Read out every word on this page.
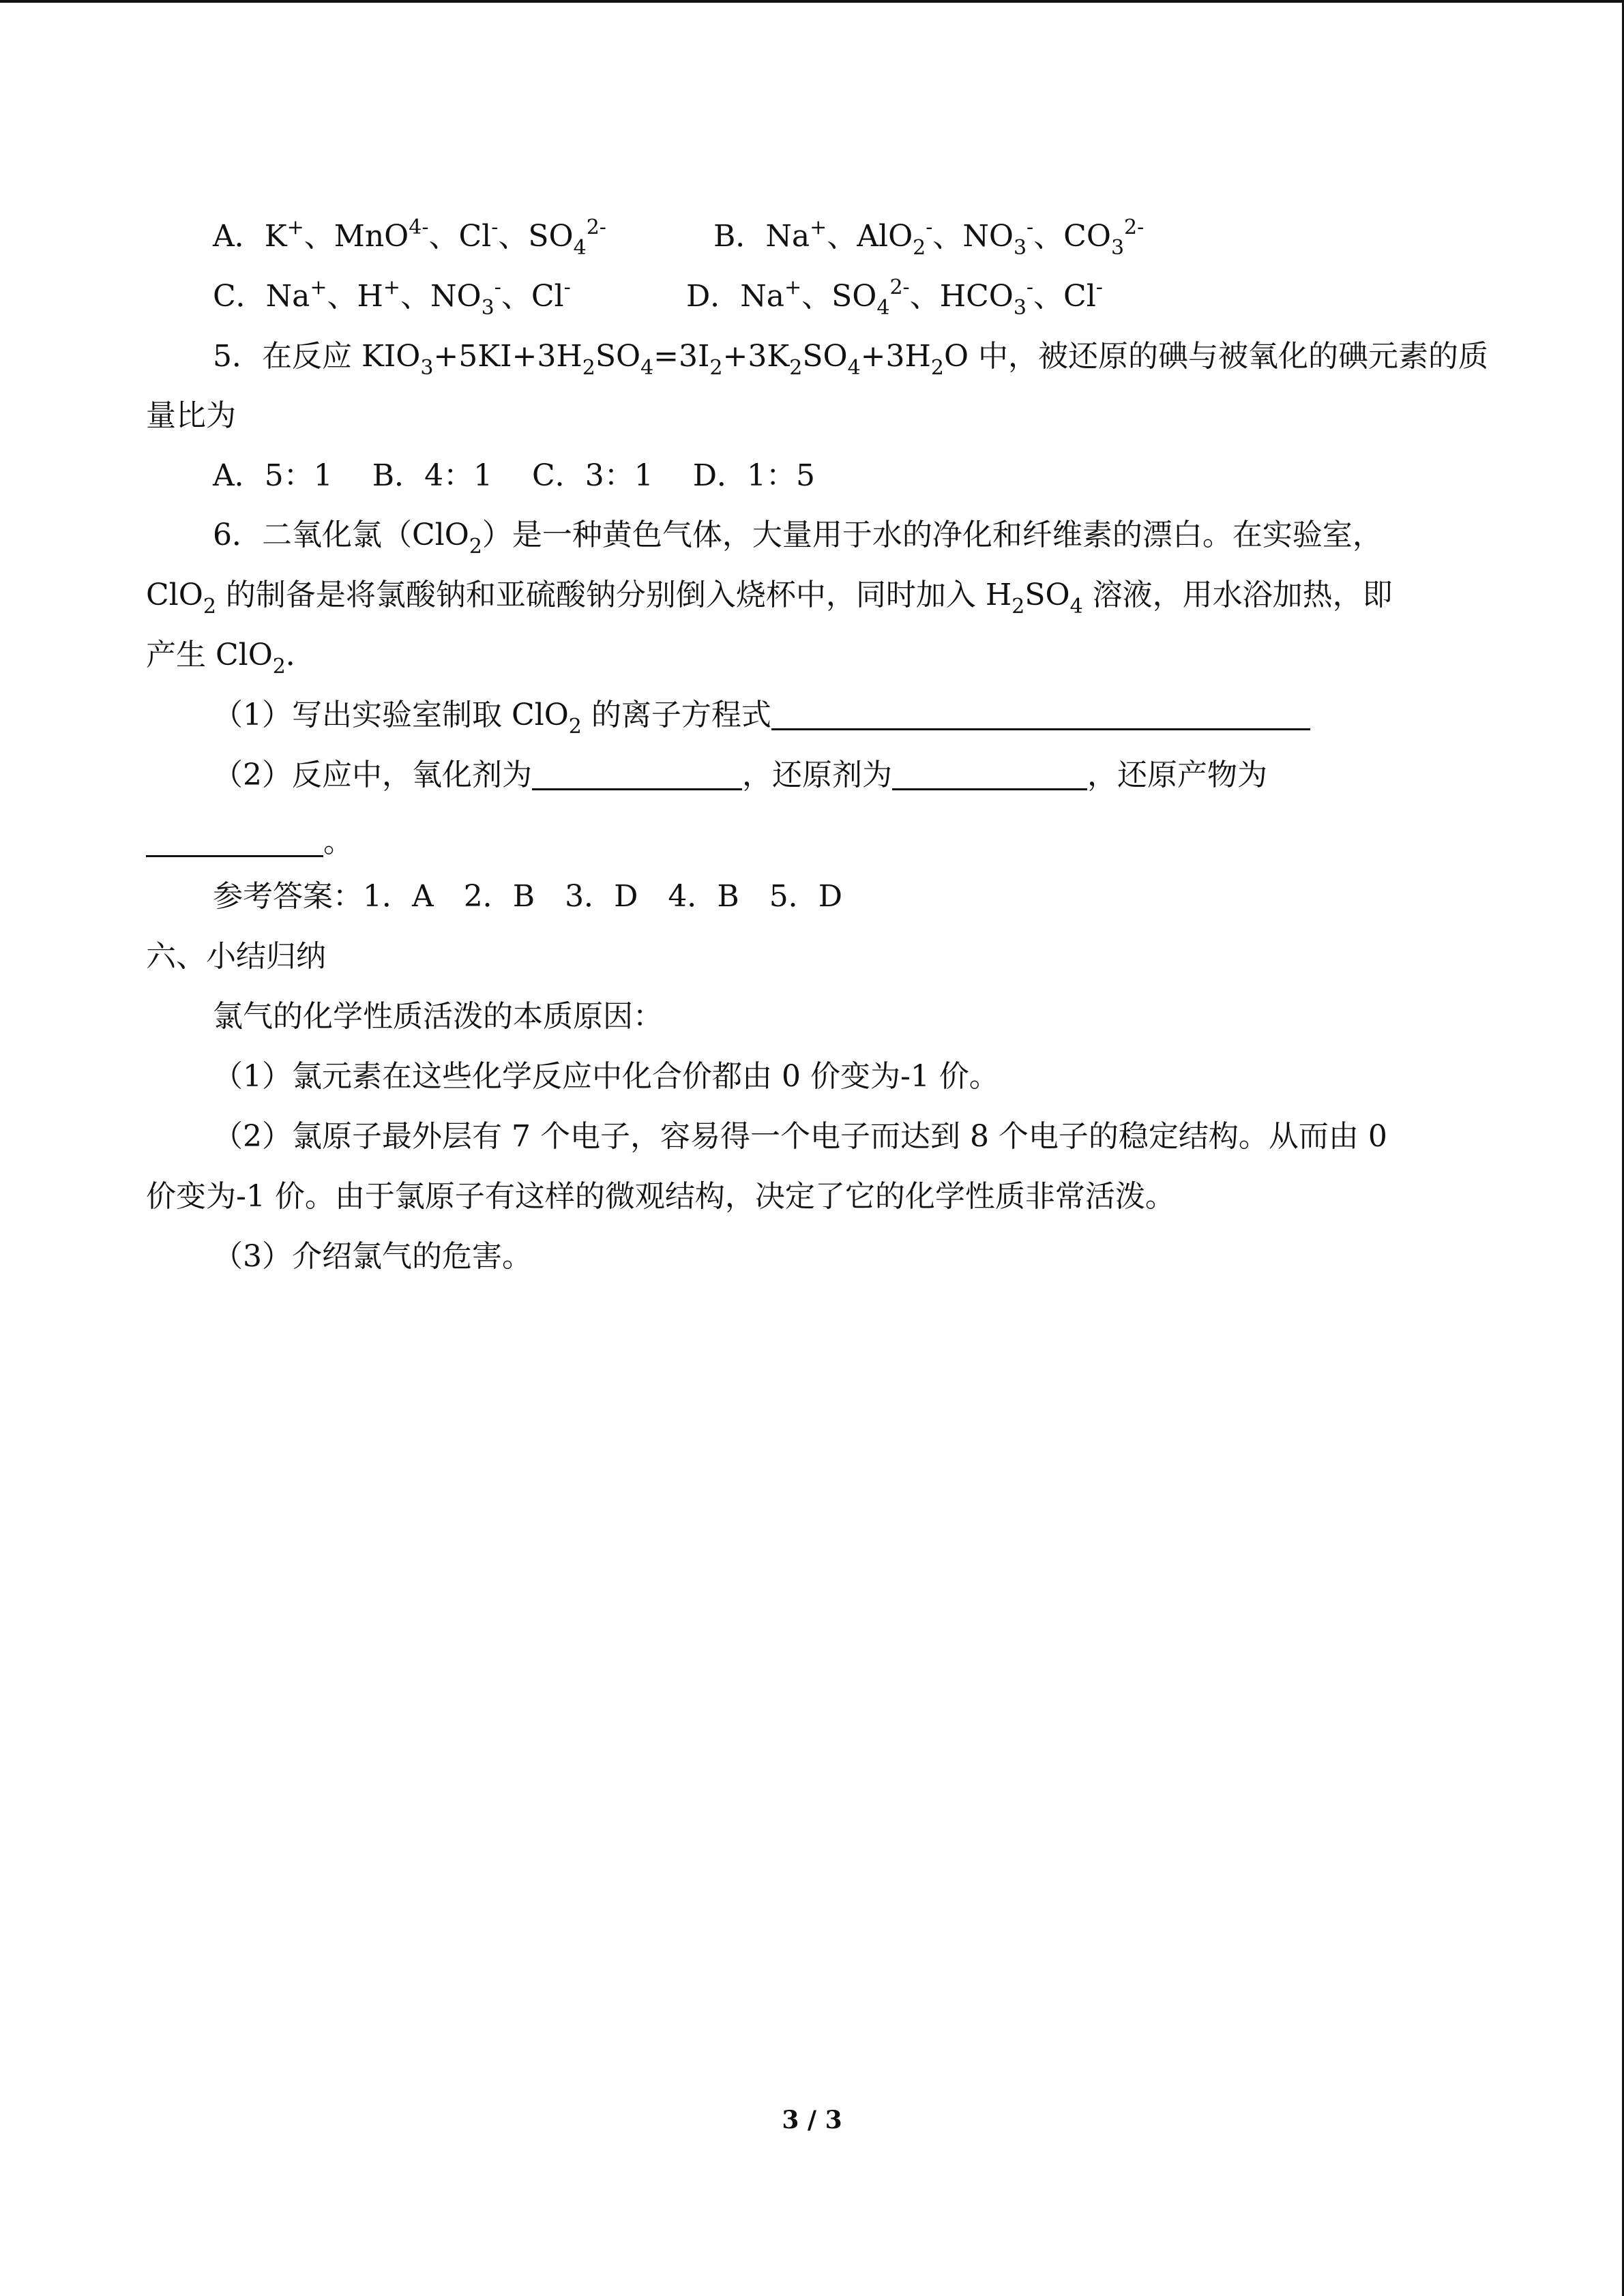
A．K+、MnO$^{4-}$、Cl-、$SO_4^{2-}$	B．Na+、AlO$_2$-、$NO_3^-$、$CO_3^{2-}$
C．Na+、H+、$NO_3^-$、Cl-	D．Na+、$SO_4^{2-}$、$HCO_3^-$、Cl-
5．在反应 $KIO_3+5KI+3H_2SO_4=3I_2+3K_2SO_4+3H_2O$ 中，被还原的碘与被氧化的碘元素的质
量比为
A．5：1　 B．4：1　 C．3：1　 D．1：5
6．二氧化氯（ClO$_2$）是一种黄色气体，大量用于水的净化和纤维素的漂白。在实验室，
ClO$_2$ 的制备是将氯酸钠和亚硫酸钠分别倒入烧杯中，同时加入 $H_2SO_4$ 溶液，用水浴加热，即
产生 ClO$_2$．
（1）写出实验室制取 ClO$_2$ 的离子方程式
（2）反应中，氧化剂为	，还原剂为	，还原产物为
。
参考答案：1．A　2．B　3．D　4．B　5．D
六、小结归纳
氯气的化学性质活泼的本质原因：
（1）氯元素在这些化学反应中化合价都由 0 价变为-1 价。
（2）氯原子最外层有 7 个电子，容易得一个电子而达到 8 个电子的稳定结构。从而由 0
价变为-1 价。由于氯原子有这样的微观结构，决定了它的化学性质非常活泼。
（3）介绍氯气的危害。
3 / 3
